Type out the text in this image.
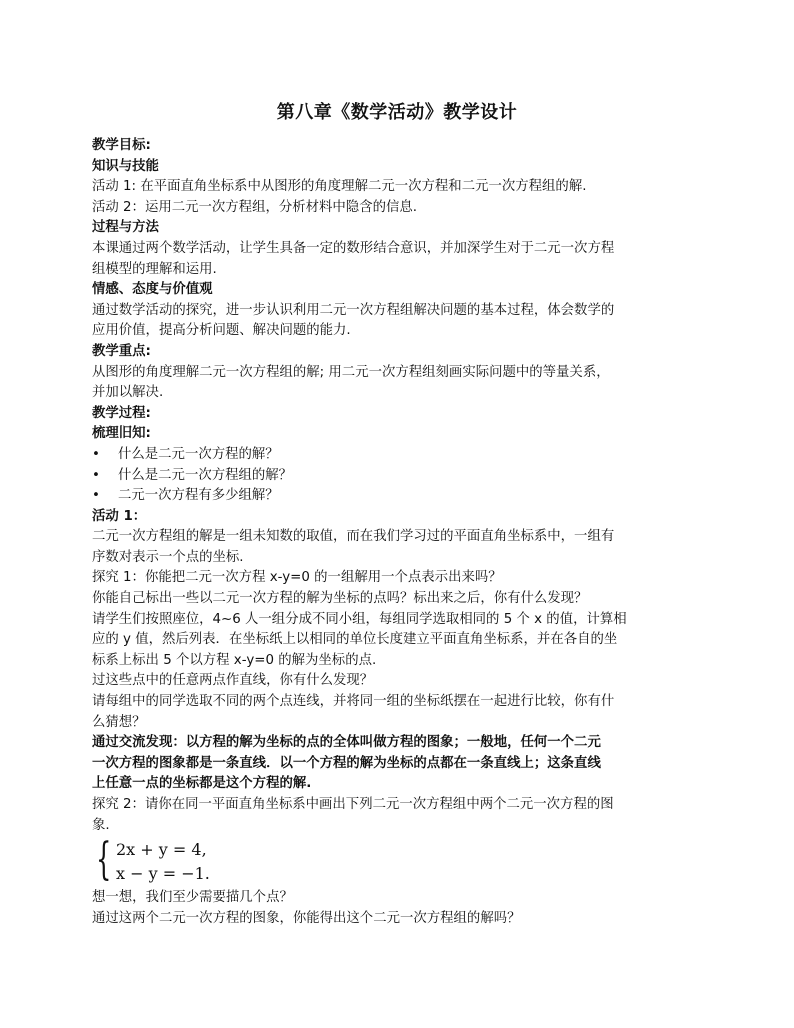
第八章《数学活动》教学设计

教学目标:

知识与技能

活动 1: 在平面直角坐标系中从图形的角度理解二元一次方程和二元一次方程组的解.

活动 2：运用二元一次方程组，分析材料中隐含的信息.

过程与方法

本课通过两个数学活动，让学生具备一定的数形结合意识，并加深学生对于二元一次方程

组模型的理解和运用.

情感、态度与价值观

通过数学活动的探究，进一步认识利用二元一次方程组解决问题的基本过程，体会数学的

应用价值，提高分析问题、解决问题的能力.

教学重点:

从图形的角度理解二元一次方程组的解; 用二元一次方程组刻画实际问题中的等量关系，

并加以解决.

教学过程:

梳理旧知:

•	什么是二元一次方程的解？
•	什么是二元一次方程组的解？
•	二元一次方程有多少组解？

活动 1：

二元一次方程组的解是一组未知数的取值，而在我们学习过的平面直角坐标系中，一组有

序数对表示一个点的坐标.

探究 1：你能把二元一次方程 x-y=0 的一组解用一个点表示出来吗？

你能自己标出一些以二元一次方程的解为坐标的点吗？标出来之后，你有什么发现？

请学生们按照座位，4~6 人一组分成不同小组，每组同学选取相同的 5 个 x 的值，计算相

应的 y 值，然后列表．在坐标纸上以相同的单位长度建立平面直角坐标系，并在各自的坐

标系上标出 5 个以方程 x-y=0 的解为坐标的点.

过这些点中的任意两点作直线，你有什么发现？

请每组中的同学选取不同的两个点连线，并将同一组的坐标纸摆在一起进行比较，你有什

么猜想？

通过交流发现：以方程的解为坐标的点的全体叫做方程的图象；一般地，任何一个二元

一次方程的图象都是一条直线．以一个方程的解为坐标的点都在一条直线上；这条直线

上任意一点的坐标都是这个方程的解.

探究 2：请你在同一平面直角坐标系中画出下列二元一次方程组中两个二元一次方程的图

象.

{ 2x + y = 4,
x − y = −1.

想一想，我们至少需要描几个点？

通过这两个二元一次方程的图象，你能得出这个二元一次方程组的解吗？
